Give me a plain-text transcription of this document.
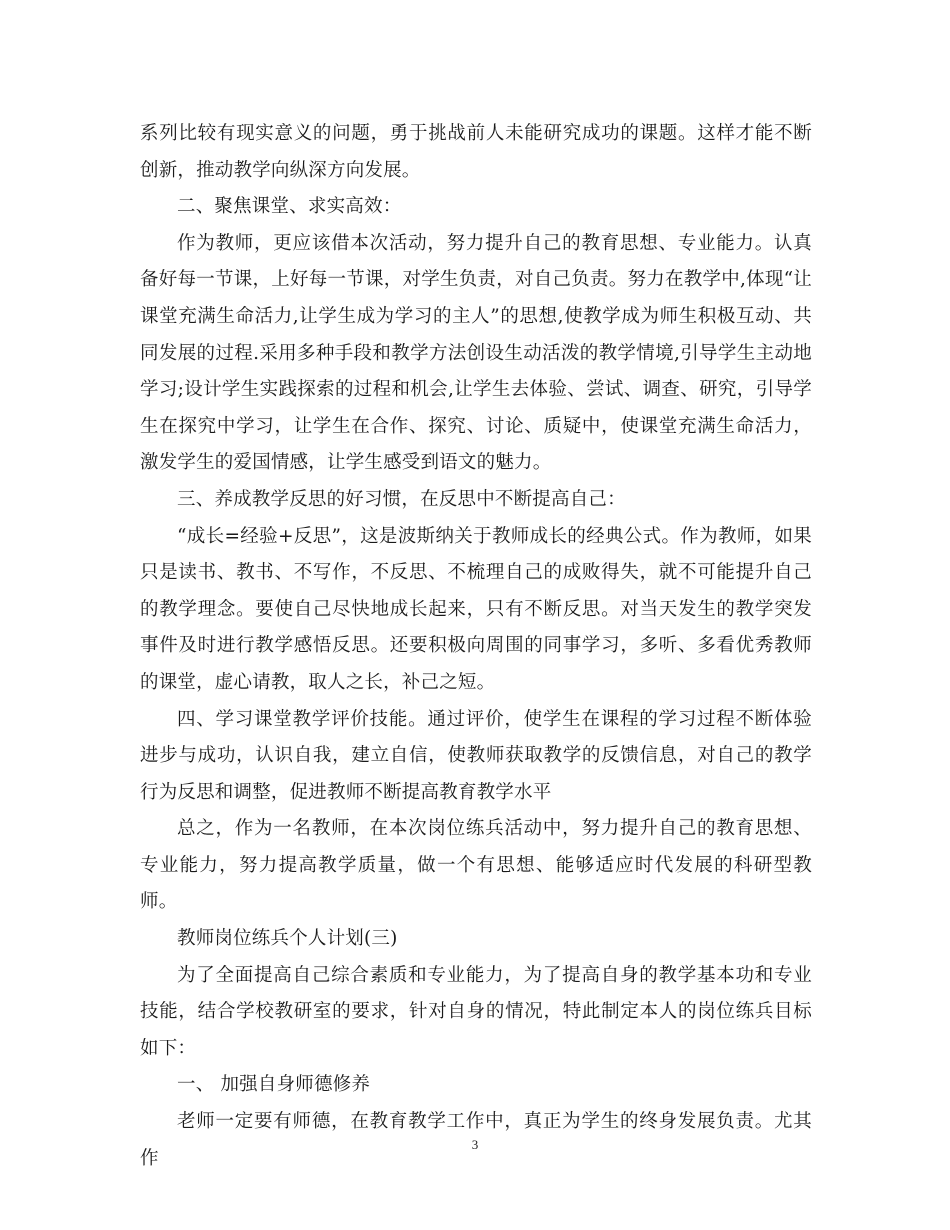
系列比较有现实意义的问题，勇于挑战前人未能研究成功的课题。这样才能不断创新，推动教学向纵深方向发展。

二、聚焦课堂、求实高效：

作为教师，更应该借本次活动，努力提升自己的教育思想、专业能力。认真备好每一节课，上好每一节课，对学生负责，对自己负责。努力在教学中,体现“让课堂充满生命活力,让学生成为学习的主人”的思想,使教学成为师生积极互动、共同发展的过程.采用多种手段和教学方法创设生动活泼的教学情境,引导学生主动地学习;设计学生实践探索的过程和机会,让学生去体验、尝试、调查、研究，引导学生在探究中学习，让学生在合作、探究、讨论、质疑中，使课堂充满生命活力，激发学生的爱国情感，让学生感受到语文的魅力。

三、养成教学反思的好习惯，在反思中不断提高自己：

“成长=经验+反思”，这是波斯纳关于教师成长的经典公式。作为教师，如果只是读书、教书、不写作，不反思、不梳理自己的成败得失，就不可能提升自己的教学理念。要使自己尽快地成长起来，只有不断反思。对当天发生的教学突发事件及时进行教学感悟反思。还要积极向周围的同事学习，多听、多看优秀教师的课堂，虚心请教，取人之长，补己之短。

四、学习课堂教学评价技能。通过评价，使学生在课程的学习过程不断体验进步与成功，认识自我，建立自信，使教师获取教学的反馈信息，对自己的教学行为反思和调整，促进教师不断提高教育教学水平

总之，作为一名教师，在本次岗位练兵活动中，努力提升自己的教育思想、专业能力，努力提高教学质量，做一个有思想、能够适应时代发展的科研型教师。

教师岗位练兵个人计划(三)

为了全面提高自己综合素质和专业能力，为了提高自身的教学基本功和专业技能，结合学校教研室的要求，针对自身的情况，特此制定本人的岗位练兵目标如下：

一、 加强自身师德修养

老师一定要有师德，在教育教学工作中，真正为学生的终身发展负责。尤其作

3
